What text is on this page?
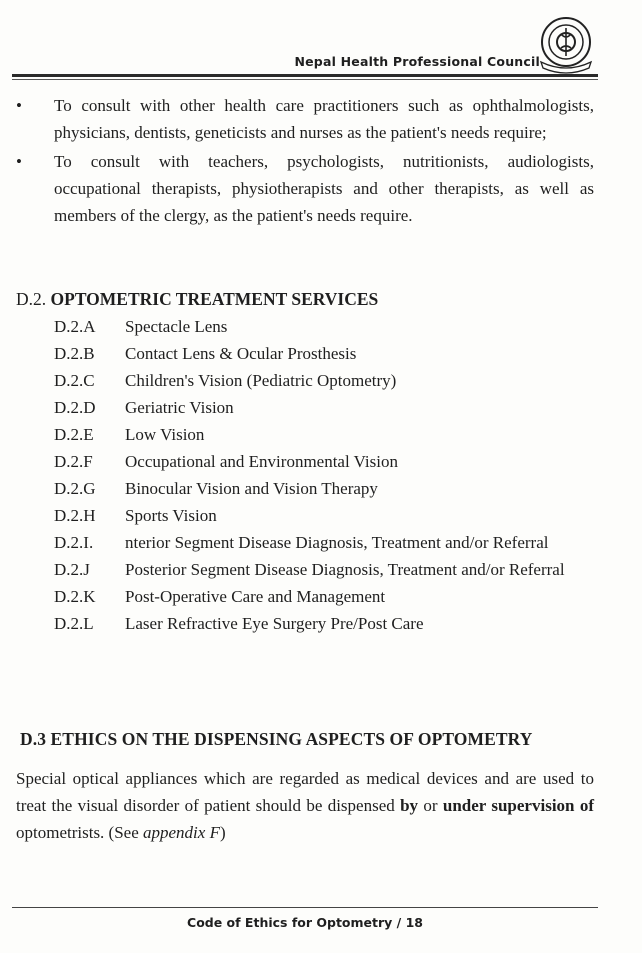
Nepal Health Professional Council
• To consult with other health care practitioners such as ophthalmologists, physicians, dentists, geneticists and nurses as the patient's needs require;
• To consult with teachers, psychologists, nutritionists, audiologists, occupational therapists, physiotherapists and other therapists, as well as members of the clergy, as the patient's needs require.
D.2. OPTOMETRIC TREATMENT SERVICES
D.2.A	Spectacle Lens
D.2.B	Contact Lens & Ocular Prosthesis
D.2.C	Children's Vision (Pediatric Optometry)
D.2.D	Geriatric Vision
D.2.E	Low Vision
D.2.F	Occupational and Environmental Vision
D.2.G	Binocular Vision and Vision Therapy
D.2.H	Sports Vision
D.2.I.	nterior Segment Disease Diagnosis, Treatment and/or Referral
D.2.J	Posterior Segment Disease Diagnosis, Treatment and/or Referral
D.2.K	Post-Operative Care and Management
D.2.L	Laser Refractive Eye Surgery Pre/Post Care
D.3 ETHICS ON THE DISPENSING ASPECTS OF OPTOMETRY
Special optical appliances which are regarded as medical devices and are used to treat the visual disorder of patient should be dispensed by or under supervision of optometrists. (See appendix F)
Code of Ethics for Optometry / 18
